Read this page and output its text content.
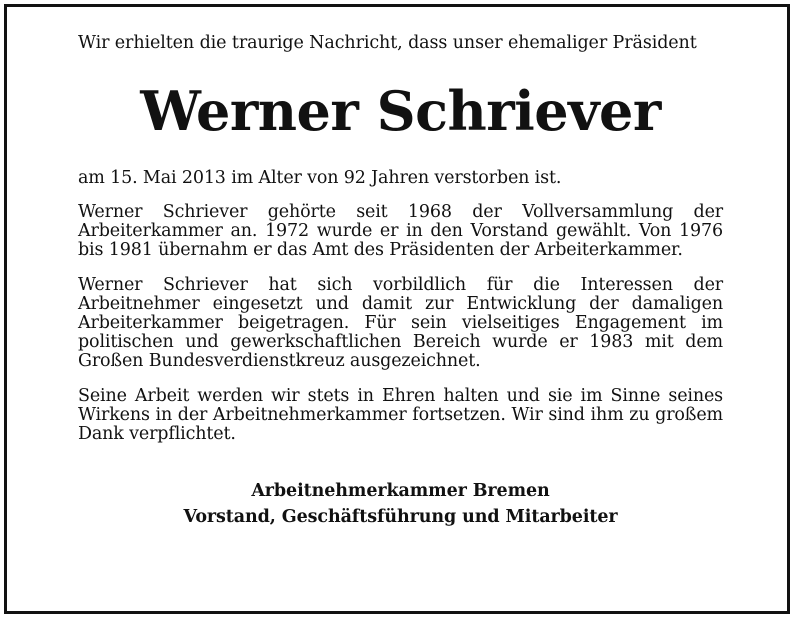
Wir erhielten die traurige Nachricht, dass unser ehemaliger Präsident

Werner Schriever

am 15. Mai 2013 im Alter von 92 Jahren verstorben ist.

Werner Schriever gehörte seit 1968 der Vollversammlung der Arbeiterkammer an. 1972 wurde er in den Vorstand gewählt. Von 1976 bis 1981 übernahm er das Amt des Präsidenten der Arbeiterkammer.

Werner Schriever hat sich vorbildlich für die Interessen der Arbeitnehmer eingesetzt und damit zur Entwicklung der damaligen Arbeiterkammer beigetragen. Für sein vielseitiges Engagement im politischen und gewerkschaftlichen Bereich wurde er 1983 mit dem Großen Bundesverdienstkreuz ausgezeichnet.

Seine Arbeit werden wir stets in Ehren halten und sie im Sinne seines Wirkens in der Arbeitnehmerkammer fortsetzen. Wir sind ihm zu großem Dank verpflichtet.

Arbeitnehmerkammer Bremen
Vorstand, Geschäftsführung und Mitarbeiter
